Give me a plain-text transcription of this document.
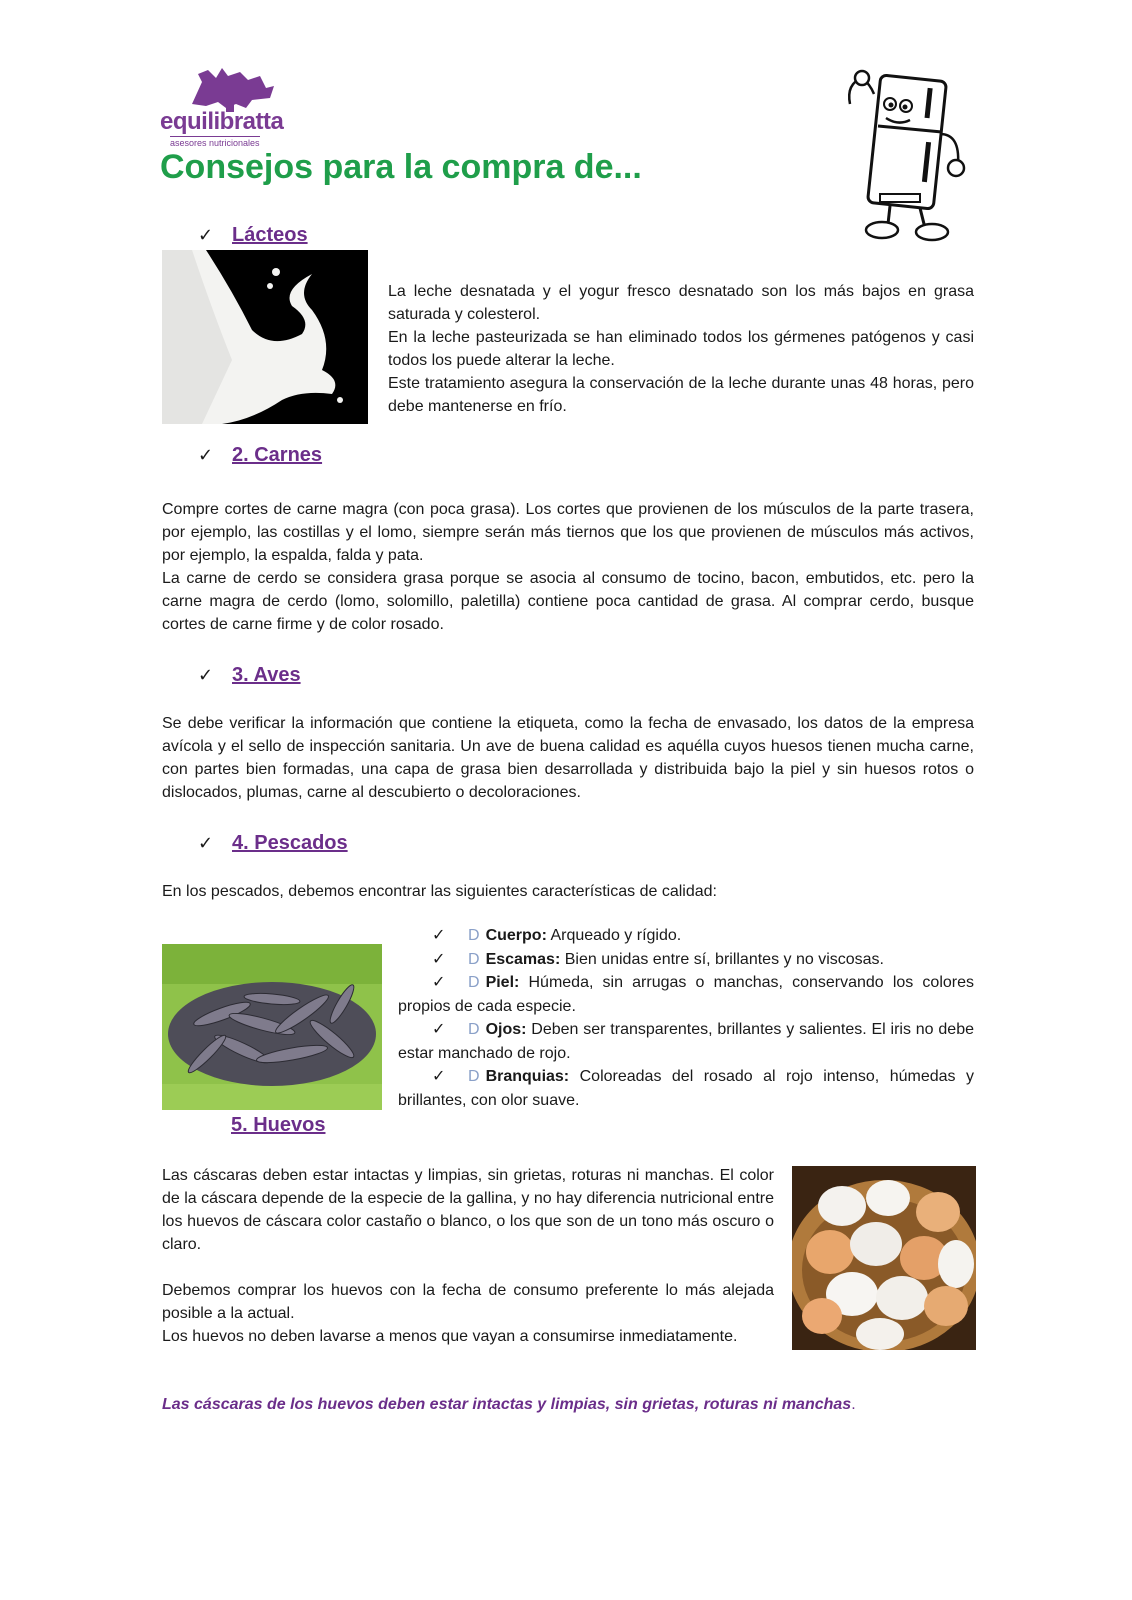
equilibratta
asesores nutricionales
Consejos para la compra de...
✓ Lácteos

La leche desnatada y el yogur fresco desnatado son los más bajos en grasa saturada y colesterol.

En la leche pasteurizada se han eliminado todos los gérmenes patógenos y casi todos los puede alterar la leche.

Este tratamiento asegura la conservación de la leche durante unas 48 horas, pero debe mantenerse en frío.

✓ 2. Carnes

Compre cortes de carne magra (con poca grasa). Los cortes que provienen de los músculos de la parte trasera, por ejemplo, las costillas y el lomo, siempre serán más tiernos que los que provienen de músculos más activos, por ejemplo, la espalda, falda y pata.

La carne de cerdo se considera grasa porque se asocia al consumo de tocino, bacon, embutidos, etc. pero la carne magra de cerdo (lomo, solomillo, paletilla) contiene poca cantidad de grasa. Al comprar cerdo, busque cortes de carne firme y de color rosado.

✓ 3. Aves

Se debe verificar la información que contiene la etiqueta, como la fecha de envasado, los datos de la empresa avícola y el sello de inspección sanitaria. Un ave de buena calidad es aquélla cuyos huesos tienen mucha carne, con partes bien formadas, una capa de grasa bien desarrollada y distribuida bajo la piel y sin huesos rotos o dislocados, plumas, carne al descubierto o decoloraciones.

✓ 4. Pescados
En los pescados, debemos encontrar las siguientes características de calidad:

✓ D Cuerpo: Arqueado y rígido.

✓ D Escamas: Bien unidas entre sí, brillantes y no viscosas.

✓ D Piel: Húmeda, sin arrugas o manchas, conservando los colores propios de cada especie.

✓ D Ojos: Deben ser transparentes, brillantes y salientes. El iris no debe estar manchado de rojo.

✓ D Branquias: Coloreadas del rosado al rojo intenso, húmedas y brillantes, con olor suave.

5. Huevos

Las cáscaras deben estar intactas y limpias, sin grietas, roturas ni manchas. El color de la cáscara depende de la especie de la gallina, y no hay diferencia nutricional entre los huevos de cáscara color castaño o blanco, o los que son de un tono más oscuro o claro.

Debemos comprar los huevos con la fecha de consumo preferente lo más alejada posible a la actual.

Los huevos no deben lavarse a menos que vayan a consumirse inmediatamente.

Las cáscaras de los huevos deben estar intactas y limpias, sin grietas, roturas ni manchas.
